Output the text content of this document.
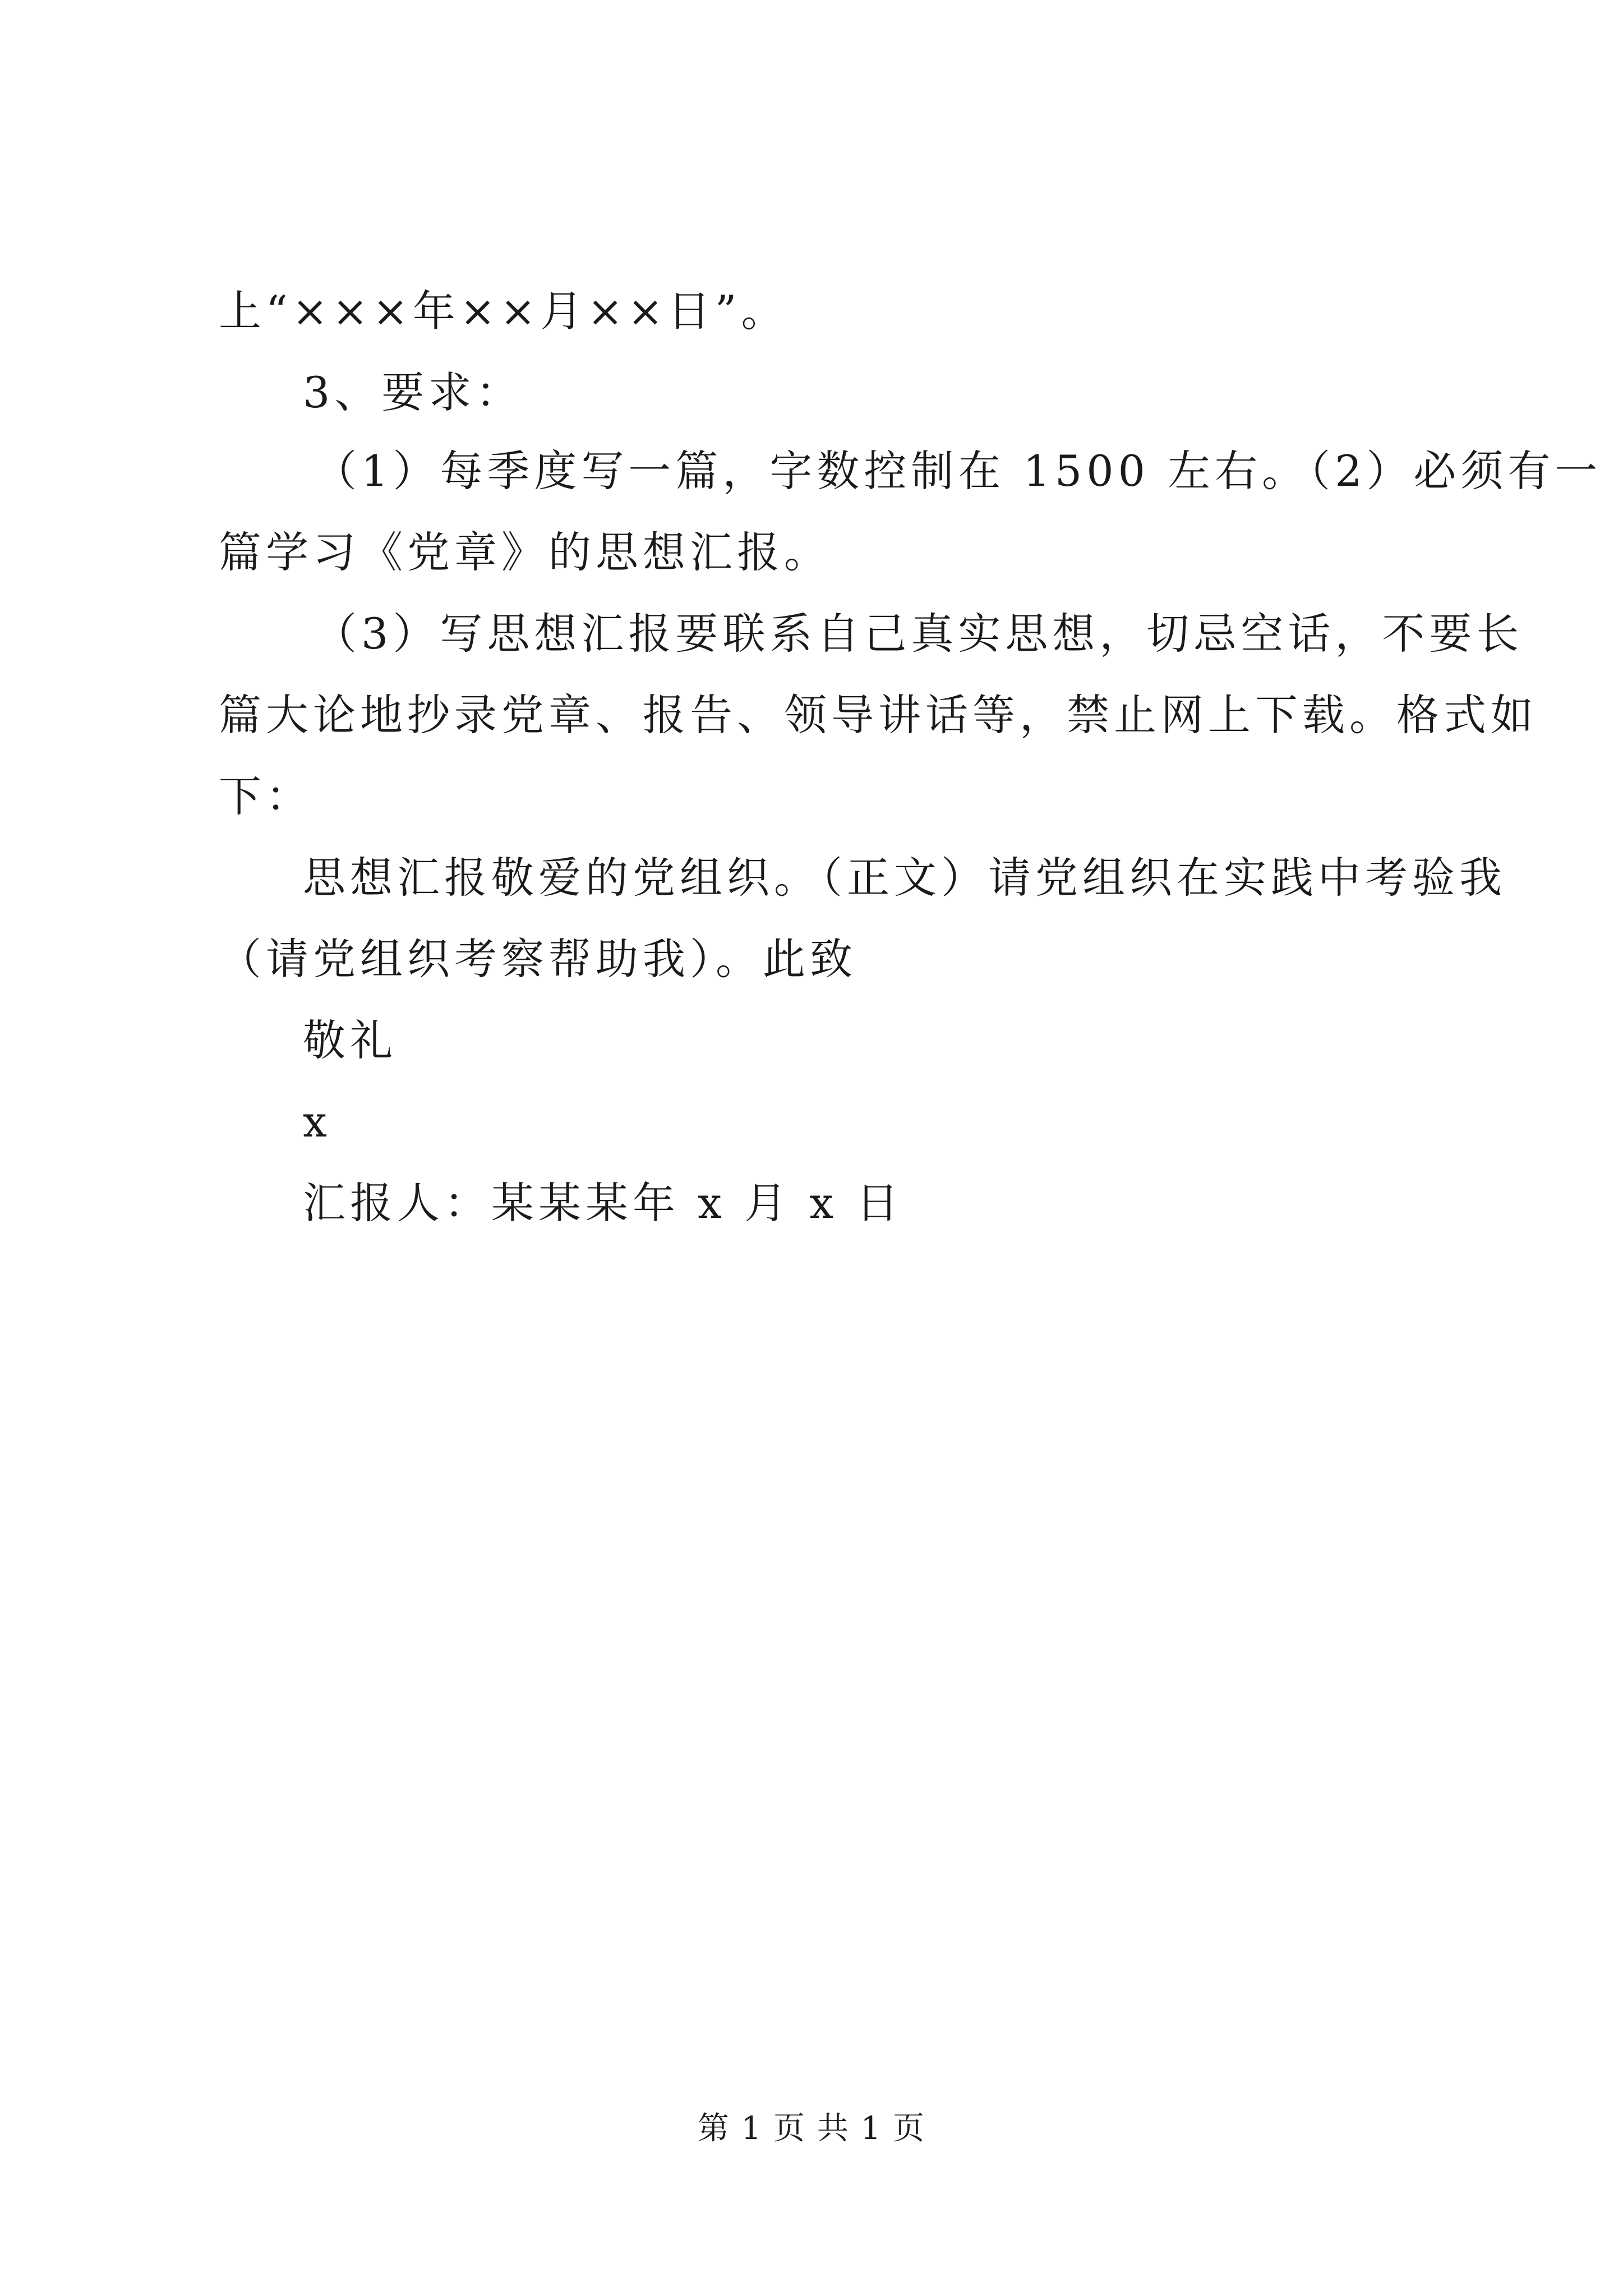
上“×××年××月××日”。
3、要求：
（1）每季度写一篇，字数控制在 1500 左右。（2）必须有一
篇学习《党章》的思想汇报。
（3）写思想汇报要联系自己真实思想，切忌空话，不要长
篇大论地抄录党章、报告、领导讲话等，禁止网上下载。格式如
下：
思想汇报敬爱的党组织。（正文）请党组织在实践中考验我
（请党组织考察帮助我）。此致
敬礼
x
汇报人：某某某年 x 月 x 日
第 1 页 共 1 页
